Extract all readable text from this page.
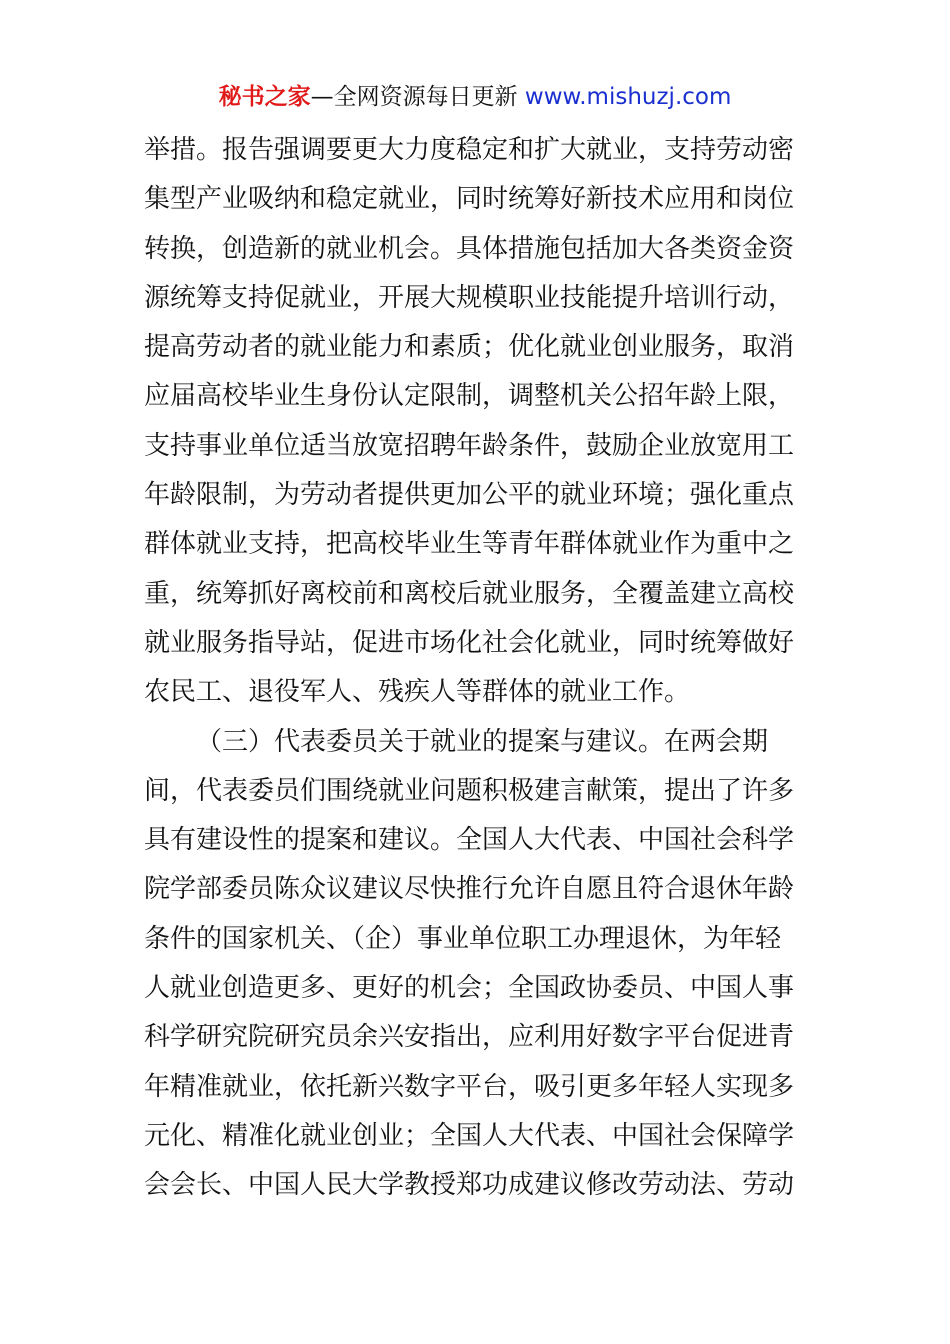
秘书之家—全网资源每日更新 www.mishuzj.com
举措。报告强调要更大力度稳定和扩大就业，支持劳动密
集型产业吸纳和稳定就业，同时统筹好新技术应用和岗位
转换，创造新的就业机会。具体措施包括加大各类资金资
源统筹支持促就业，开展大规模职业技能提升培训行动，
提高劳动者的就业能力和素质；优化就业创业服务，取消
应届高校毕业生身份认定限制，调整机关公招年龄上限，
支持事业单位适当放宽招聘年龄条件，鼓励企业放宽用工
年龄限制，为劳动者提供更加公平的就业环境；强化重点
群体就业支持，把高校毕业生等青年群体就业作为重中之
重，统筹抓好离校前和离校后就业服务，全覆盖建立高校
就业服务指导站，促进市场化社会化就业，同时统筹做好
农民工、退役军人、残疾人等群体的就业工作。
（三）代表委员关于就业的提案与建议。在两会期
间，代表委员们围绕就业问题积极建言献策，提出了许多
具有建设性的提案和建议。全国人大代表、中国社会科学
院学部委员陈众议建议尽快推行允许自愿且符合退休年龄
条件的国家机关、（企）事业单位职工办理退休，为年轻
人就业创造更多、更好的机会；全国政协委员、中国人事
科学研究院研究员余兴安指出，应利用好数字平台促进青
年精准就业，依托新兴数字平台，吸引更多年轻人实现多
元化、精准化就业创业；全国人大代表、中国社会保障学
会会长、中国人民大学教授郑功成建议修改劳动法、劳动
